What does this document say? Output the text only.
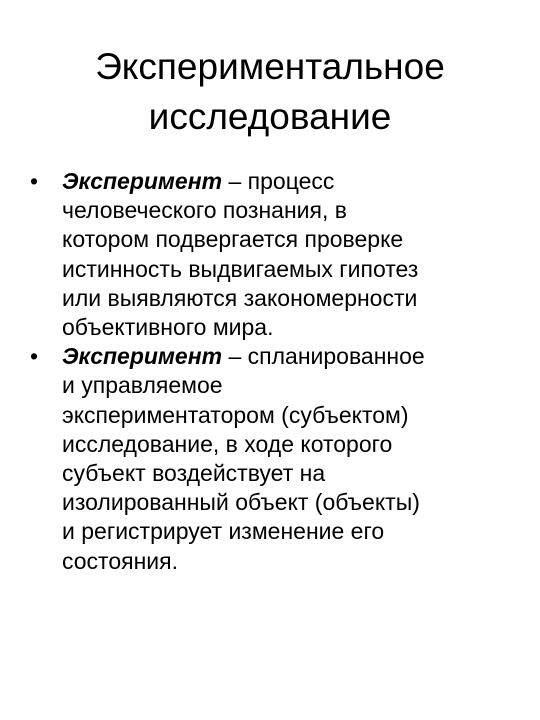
Экспериментальное
исследование
•	Эксперимент – процесс
человеческого познания, в
котором подвергается проверке
истинность выдвигаемых гипотез
или выявляются закономерности
объективного мира.
•	Эксперимент – спланированное
и управляемое
экспериментатором (субъектом)
исследование, в ходе которого
субъект воздействует на
изолированный объект (объекты)
и регистрирует изменение его
состояния.
